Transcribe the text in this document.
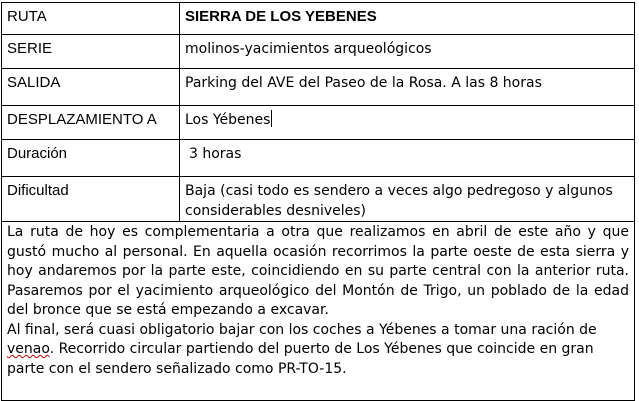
RUTA	SIERRA DE LOS YEBENES
SERIE	molinos-yacimientos arqueológicos
SALIDA	Parking del AVE del Paseo de la Rosa. A las 8 horas
DESPLAZAMIENTO A	Los Yébenes
Duración	3 horas
Dificultad	Baja (casi todo es sendero a veces algo pedregoso y algunos considerables desniveles)

La ruta de hoy es complementaria a otra que realizamos en abril de este año y que gustó mucho al personal. En aquella ocasión recorrimos la parte oeste de esta sierra y hoy andaremos por la parte este, coincidiendo en su parte central con la anterior ruta. Pasaremos por el yacimiento arqueológico del Montón de Trigo, un poblado de la edad del bronce que se está empezando a excavar.

Al final, será cuasi obligatorio bajar con los coches a Yébenes a tomar una ración de venao. Recorrido circular partiendo del puerto de Los Yébenes que coincide en gran parte con el sendero señalizado como PR-TO-15.	
